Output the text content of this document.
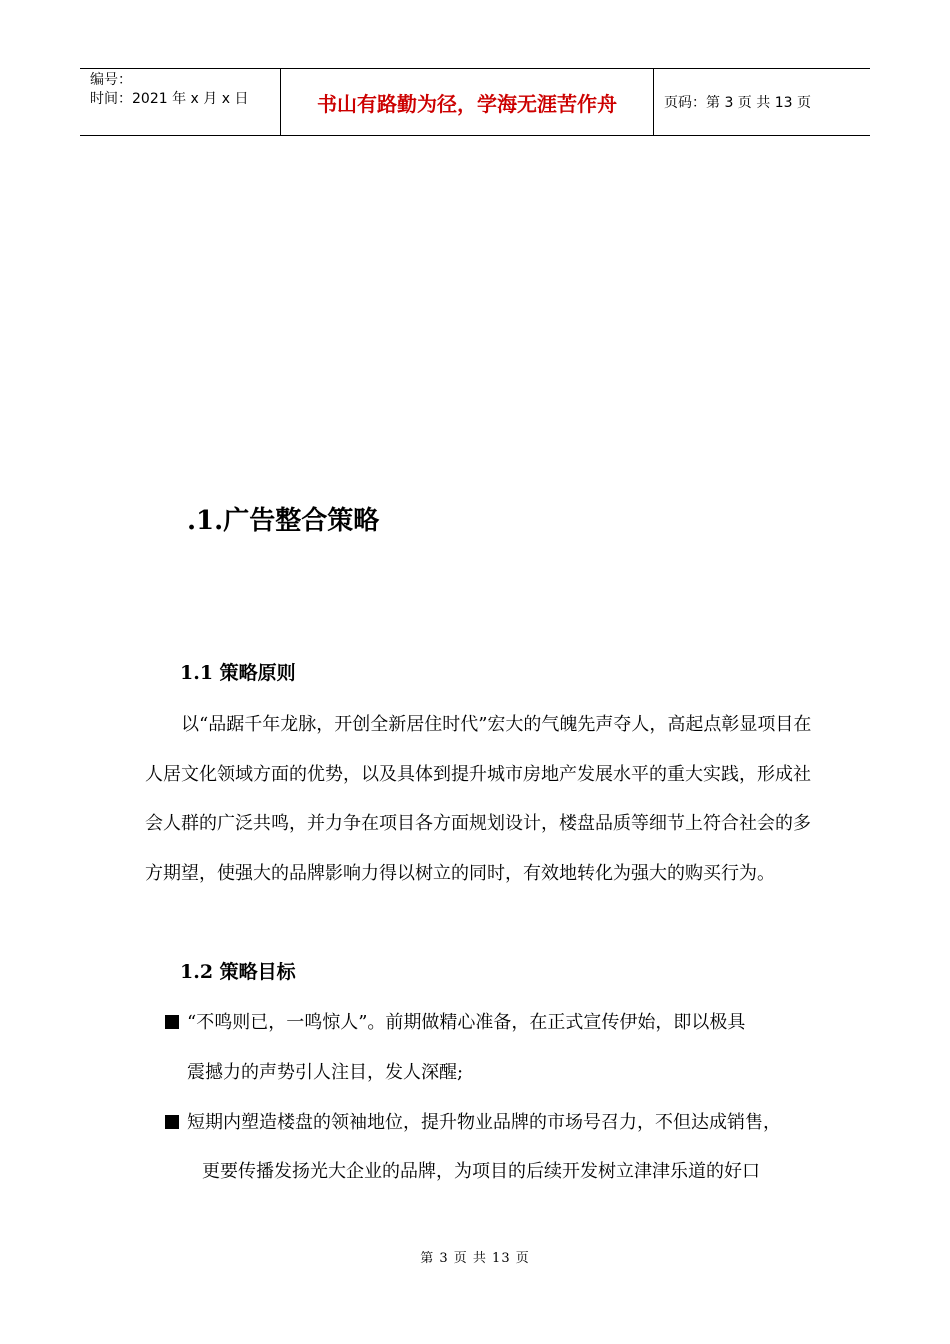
编号：
时间：2021 年 x 月 x 日	书山有路勤为径，学海无涯苦作舟	页码：第 3 页 共 13 页
.1.广告整合策略
1.1 策略原则

以“品踞千年龙脉，开创全新居住时代”宏大的气魄先声夺人，高起点彰显项目在人居文化领域方面的优势，以及具体到提升城市房地产发展水平的重大实践，形成社会人群的广泛共鸣，并力争在项目各方面规划设计，楼盘品质等细节上符合社会的多方期望，使强大的品牌影响力得以树立的同时，有效地转化为强大的购买行为。

1.2 策略目标
“不鸣则已，一鸣惊人”。前期做精心准备，在正式宣传伊始，即以极具
震撼力的声势引人注目，发人深醒;
短期内塑造楼盘的领袖地位，提升物业品牌的市场号召力，不但达成销售，
更要传播发扬光大企业的品牌，为项目的后续开发树立津津乐道的好口
第 3 页 共 13 页
